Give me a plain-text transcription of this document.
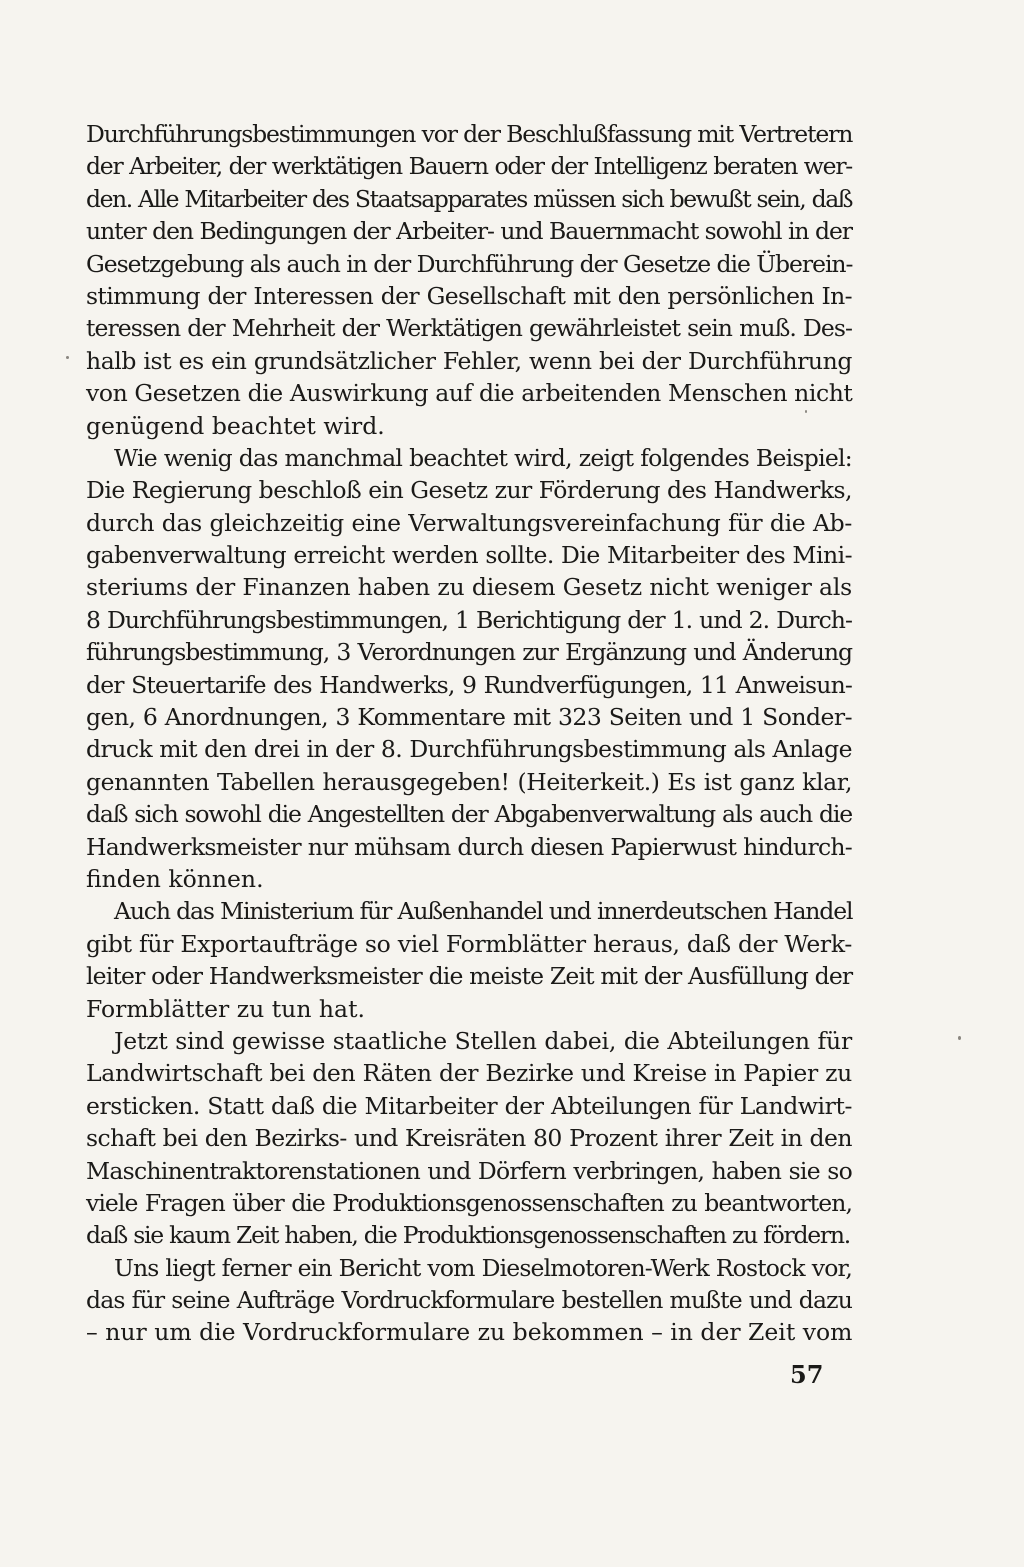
Durchführungsbestimmungen vor der Beschlußfassung mit Vertretern
der Arbeiter, der werktätigen Bauern oder der Intelligenz beraten wer-
den. Alle Mitarbeiter des Staatsapparates müssen sich bewußt sein, daß
unter den Bedingungen der Arbeiter- und Bauernmacht sowohl in der
Gesetzgebung als auch in der Durchführung der Gesetze die Überein-
stimmung der Interessen der Gesellschaft mit den persönlichen In-
teressen der Mehrheit der Werktätigen gewährleistet sein muß. Des-
halb ist es ein grundsätzlicher Fehler, wenn bei der Durchführung
von Gesetzen die Auswirkung auf die arbeitenden Menschen nicht
genügend beachtet wird.
Wie wenig das manchmal beachtet wird, zeigt folgendes Beispiel:
Die Regierung beschloß ein Gesetz zur Förderung des Handwerks,
durch das gleichzeitig eine Verwaltungsvereinfachung für die Ab-
gabenverwaltung erreicht werden sollte. Die Mitarbeiter des Mini-
steriums der Finanzen haben zu diesem Gesetz nicht weniger als
8 Durchführungsbestimmungen, 1 Berichtigung der 1. und 2. Durch-
führungsbestimmung, 3 Verordnungen zur Ergänzung und Änderung
der Steuertarife des Handwerks, 9 Rundverfügungen, 11 Anweisun-
gen, 6 Anordnungen, 3 Kommentare mit 323 Seiten und 1 Sonder-
druck mit den drei in der 8. Durchführungsbestimmung als Anlage
genannten Tabellen herausgegeben! (Heiterkeit.) Es ist ganz klar,
daß sich sowohl die Angestellten der Abgabenverwaltung als auch die
Handwerksmeister nur mühsam durch diesen Papierwust hindurch-
finden können.
Auch das Ministerium für Außenhandel und innerdeutschen Handel
gibt für Exportaufträge so viel Formblätter heraus, daß der Werk-
leiter oder Handwerksmeister die meiste Zeit mit der Ausfüllung der
Formblätter zu tun hat.
Jetzt sind gewisse staatliche Stellen dabei, die Abteilungen für
Landwirtschaft bei den Räten der Bezirke und Kreise in Papier zu
ersticken. Statt daß die Mitarbeiter der Abteilungen für Landwirt-
schaft bei den Bezirks- und Kreisräten 80 Prozent ihrer Zeit in den
Maschinentraktorenstationen und Dörfern verbringen, haben sie so
viele Fragen über die Produktionsgenossenschaften zu beantworten,
daß sie kaum Zeit haben, die Produktionsgenossenschaften zu fördern.
Uns liegt ferner ein Bericht vom Dieselmotoren-Werk Rostock vor,
das für seine Aufträge Vordruckformulare bestellen mußte und dazu
– nur um die Vordruckformulare zu bekommen – in der Zeit vom
57
